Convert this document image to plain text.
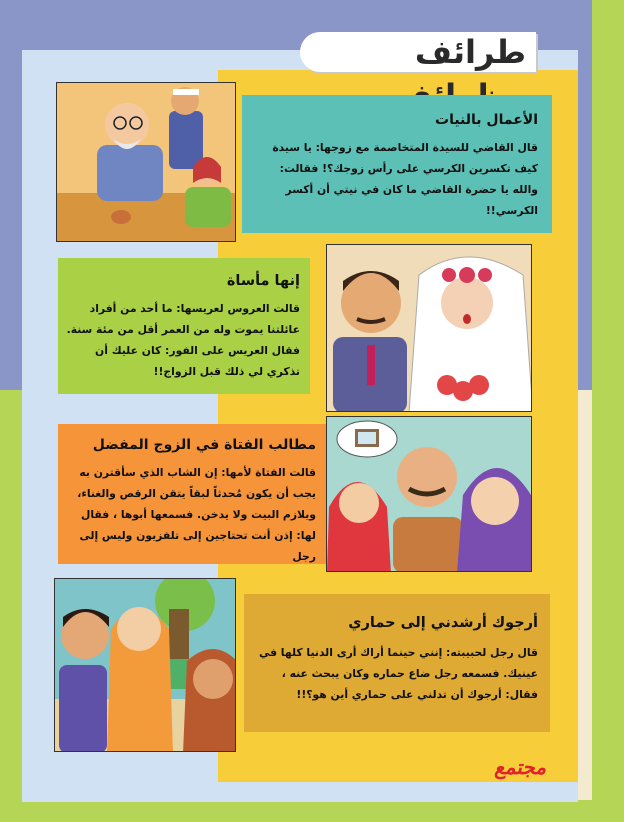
طرائف
الأعمال بالنيات

قال القاضي للسيدة المتخاصمة مع زوجها: يا سيدة كيف تكسرين الكرسي على رأس زوجك؟! فقالت: والله يا حضرة القاضي ما كان في نيتي أن أكسر الكرسي!!

إنها مأساة

قالت العروس لعريسها: ما أحد من أفراد عائلتنا يموت وله من العمر أقل من مئة سنة. فقال العريس على الفور: كان عليك أن تذكري لي ذلك قبل الزواج!!

مطالب الفتاة في الزوج المفضل

قالت الفتاة لأمها: إن الشاب الذي سأقترن به يجب أن يكون مُحدثاً لبقاً يتقن الرقص والغناء، ويلازم البيت ولا يدخن. فسمعها أبوها ، فقال لها: إذن أنت تحتاجين إلى تلفزيون وليس إلى رجل

أرجوك أرشدني إلى حماري

قال رجل لحبيبته: إنني حينما أراك أرى الدنيا كلها في عينيك. فسمعه رجل ضاع حماره وكان يبحث عنه ، فقال: أرجوك أن تدلني على حماري أين هو؟!!

مجتمع
